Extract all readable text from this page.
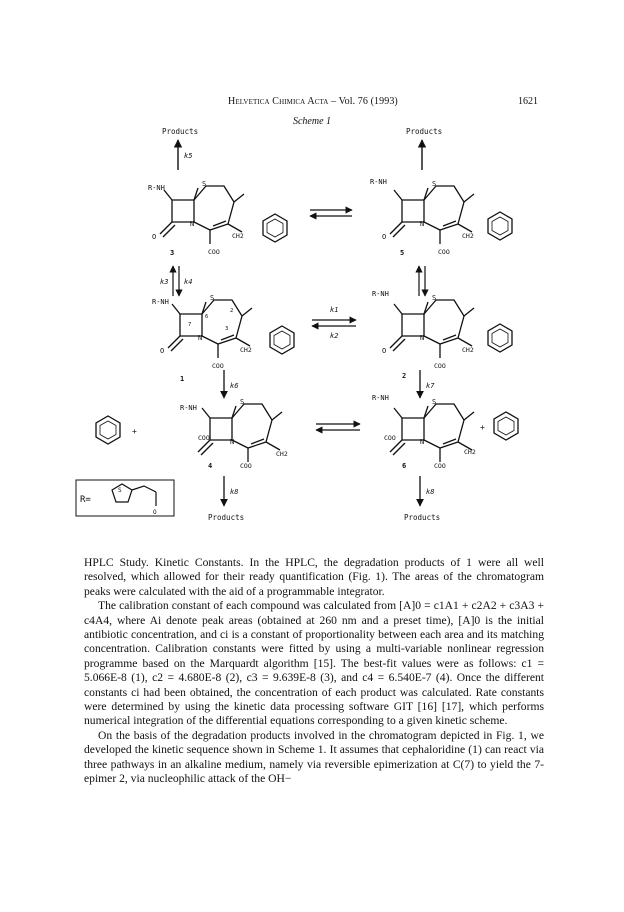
Helvetica Chimica Acta – Vol. 76 (1993)	1621
Scheme 1
Products
k5
Products
R-NH	S
N
O
COO
CH2
3
R-NH	S
N
O
COO
CH2
5
k3 k4
R-NH	S
7
6
3
2
N
O
COO
CH2
1
k1
k2
R-NH	S
N
O
COO
CH2
2
k6	k7
+
R-NH
S
N
COO
COO
CH2
4
R-NH	S
N
COO
COO
CH2
6
+
R=
S
O
k8
Products
k8
Products

HPLC Study. Kinetic Constants. In the HPLC, the degradation products of 1 were all well resolved, which allowed for their ready quantification (Fig. 1). The areas of the chromatogram peaks were calculated with the aid of a programmable integrator.

The calibration constant of each compound was calculated from [A]0 = c1A1 + c2A2 + c3A3 + c4A4, where Ai denote peak areas (obtained at 260 nm and a preset time), [A]0 is the initial antibiotic concentration, and ci is a constant of proportionality between each area and its matching concentration. Calibration constants were fitted by using a multi-variable nonlinear regression programme based on the Marquardt algorithm [15]. The best-fit values were as follows: c1 = 5.066E-8 (1), c2 = 4.680E-8 (2), c3 = 9.639E-8 (3), and c4 = 6.540E-7 (4). Once the different constants ci had been obtained, the concentration of each product was calculated. Rate constants were determined by using the kinetic data processing software GIT [16] [17], which performs numerical integration of the differential equations corresponding to a given kinetic scheme.

On the basis of the degradation products involved in the chromatogram depicted in Fig. 1, we developed the kinetic sequence shown in Scheme 1. It assumes that cephaloridine (1) can react via three pathways in an alkaline medium, namely via reversible epimerization at C(7) to yield the 7-epimer 2, via nucleophilic attack of the OH−
